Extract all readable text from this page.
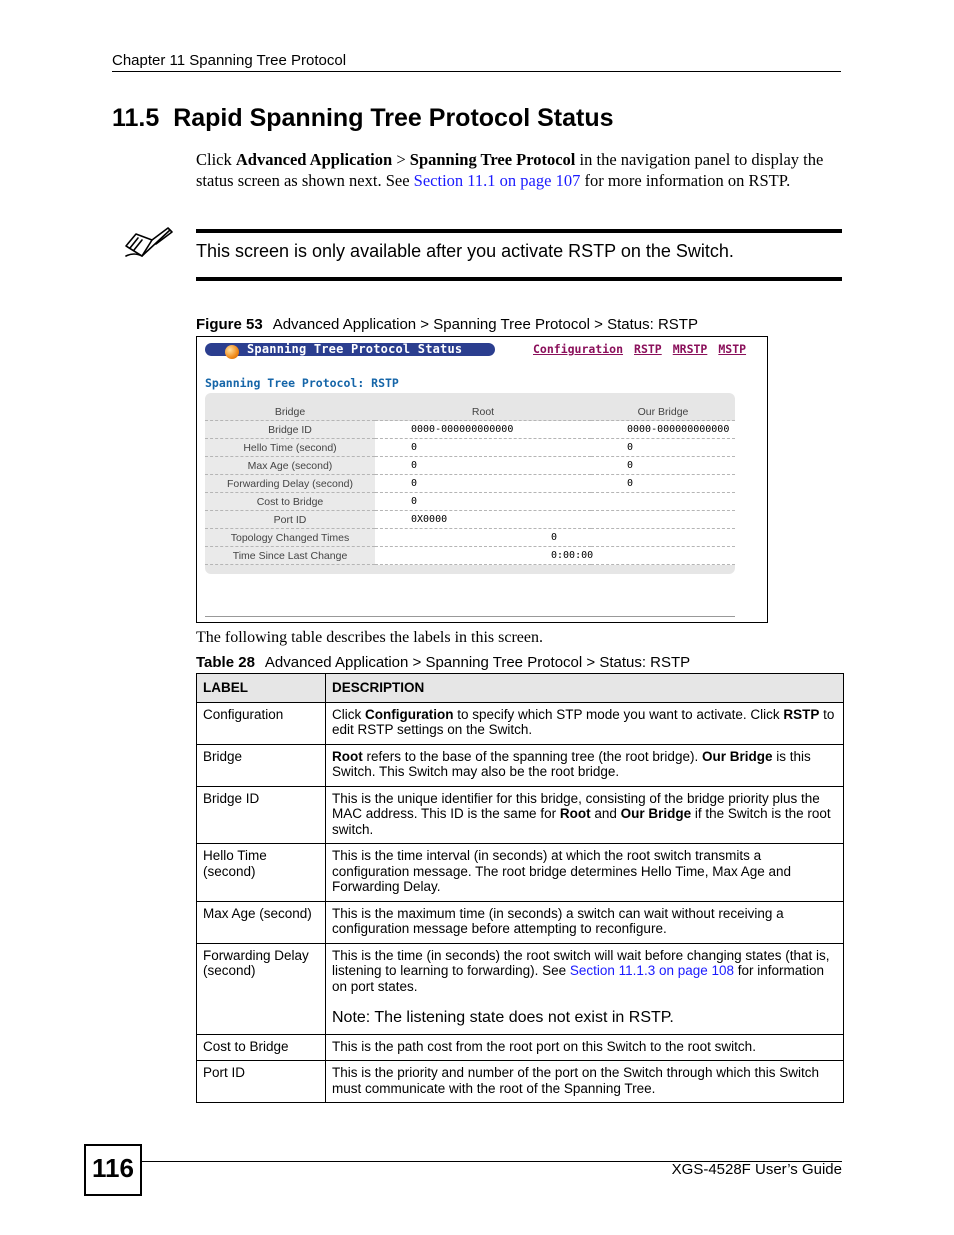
Chapter 11 Spanning Tree Protocol
11.5 Rapid Spanning Tree Protocol Status
Click Advanced Application > Spanning Tree Protocol in the navigation panel to display the status screen as shown next. See Section 11.1 on page 107 for more information on RSTP.
This screen is only available after you activate RSTP on the Switch.
Figure 53 Advanced Application > Spanning Tree Protocol > Status: RSTP
Spanning Tree Protocol Status	Configuration RSTP MRSTP MSTP
Spanning Tree Protocol: RSTP
Bridge	Root	Our Bridge
Bridge ID	0000-000000000000	0000-000000000000
Hello Time (second)	0	0
Max Age (second)	0	0
Forwarding Delay (second)	0	0
Cost to Bridge	0	
Port ID	0X0000	
Topology Changed Times	0	
Time Since Last Change	0:00:00	
The following table describes the labels in this screen.
Table 28 Advanced Application > Spanning Tree Protocol > Status: RSTP
LABEL	DESCRIPTION
Configuration	Click Configuration to specify which STP mode you want to activate. Click RSTP to edit RSTP settings on the Switch.
Bridge	Root refers to the base of the spanning tree (the root bridge). Our Bridge is this Switch. This Switch may also be the root bridge.
Bridge ID	This is the unique identifier for this bridge, consisting of the bridge priority plus the MAC address. This ID is the same for Root and Our Bridge if the Switch is the root switch.
Hello Time (second)	This is the time interval (in seconds) at which the root switch transmits a configuration message. The root bridge determines Hello Time, Max Age and Forwarding Delay.
Max Age (second)	This is the maximum time (in seconds) a switch can wait without receiving a configuration message before attempting to reconfigure.
Forwarding Delay (second)	This is the time (in seconds) the root switch will wait before changing states (that is, listening to learning to forwarding). See Section 11.1.3 on page 108 for information on port states.
Note: The listening state does not exist in RSTP.

Cost to Bridge	This is the path cost from the root port on this Switch to the root switch.
Port ID	This is the priority and number of the port on the Switch through which this Switch must communicate with the root of the Spanning Tree.
116	XGS-4528F User’s Guide
